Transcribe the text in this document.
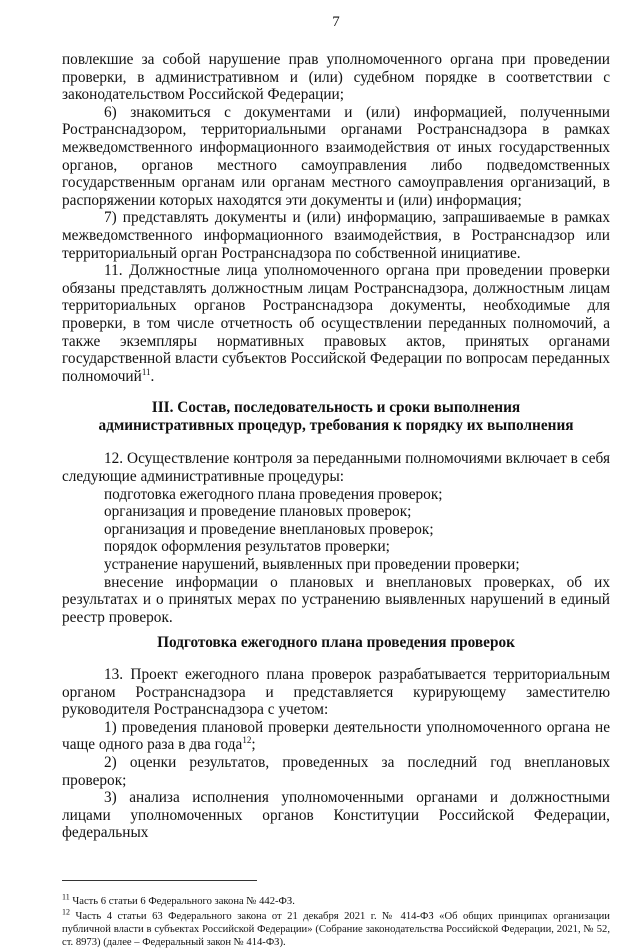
7

повлекшие за собой нарушение прав уполномоченного органа при проведении проверки, в административном и (или) судебном порядке в соответствии с законодательством Российской Федерации;

6) знакомиться с документами и (или) информацией, полученными Ространснадзором, территориальными органами Ространснадзора в рамках межведомственного информационного взаимодействия от иных государственных органов, органов местного самоуправления либо подведомственных государственным органам или органам местного самоуправления организаций, в распоряжении которых находятся эти документы и (или) информация;

7) представлять документы и (или) информацию, запрашиваемые в рамках межведомственного информационного взаимодействия, в Ространснадзор или территориальный орган Ространснадзора по собственной инициативе.

11. Должностные лица уполномоченного органа при проведении проверки обязаны представлять должностным лицам Ространснадзора, должностным лицам территориальных органов Ространснадзора документы, необходимые для проверки, в том числе отчетность об осуществлении переданных полномочий, а также экземпляры нормативных правовых актов, принятых органами государственной власти субъектов Российской Федерации по вопросам переданных полномочий$^{11}$.

III. Состав, последовательность и сроки выполнения

административных процедур, требования к порядку их выполнения

12. Осуществление контроля за переданными полномочиями включает в себя следующие административные процедуры:

подготовка ежегодного плана проведения проверок;

организация и проведение плановых проверок;

организация и проведение внеплановых проверок;

порядок оформления результатов проверки;

устранение нарушений, выявленных при проведении проверки;

внесение информации о плановых и внеплановых проверках, об их результатах и о принятых мерах по устранению выявленных нарушений в единый реестр проверок.

Подготовка ежегодного плана проведения проверок

13. Проект ежегодного плана проверок разрабатывается территориальным органом Ространснадзора и представляется курирующему заместителю руководителя Ространснадзора с учетом:

1) проведения плановой проверки деятельности уполномоченного органа не чаще одного раза в два года$^{12}$;

2) оценки результатов, проведенных за последний год внеплановых проверок;

3) анализа исполнения уполномоченными органами и должностными лицами уполномоченных органов Конституции Российской Федерации, федеральных

$^{11}$ Часть 6 статьи 6 Федерального закона № 442-ФЗ.

$^{12}$ Часть 4 статьи 63 Федерального закона от 21 декабря 2021 г. № 414-ФЗ «Об общих принципах организации публичной власти в субъектах Российской Федерации» (Собрание законодательства Российской Федерации, 2021, № 52, ст. 8973) (далее – Федеральный закон № 414-ФЗ).
